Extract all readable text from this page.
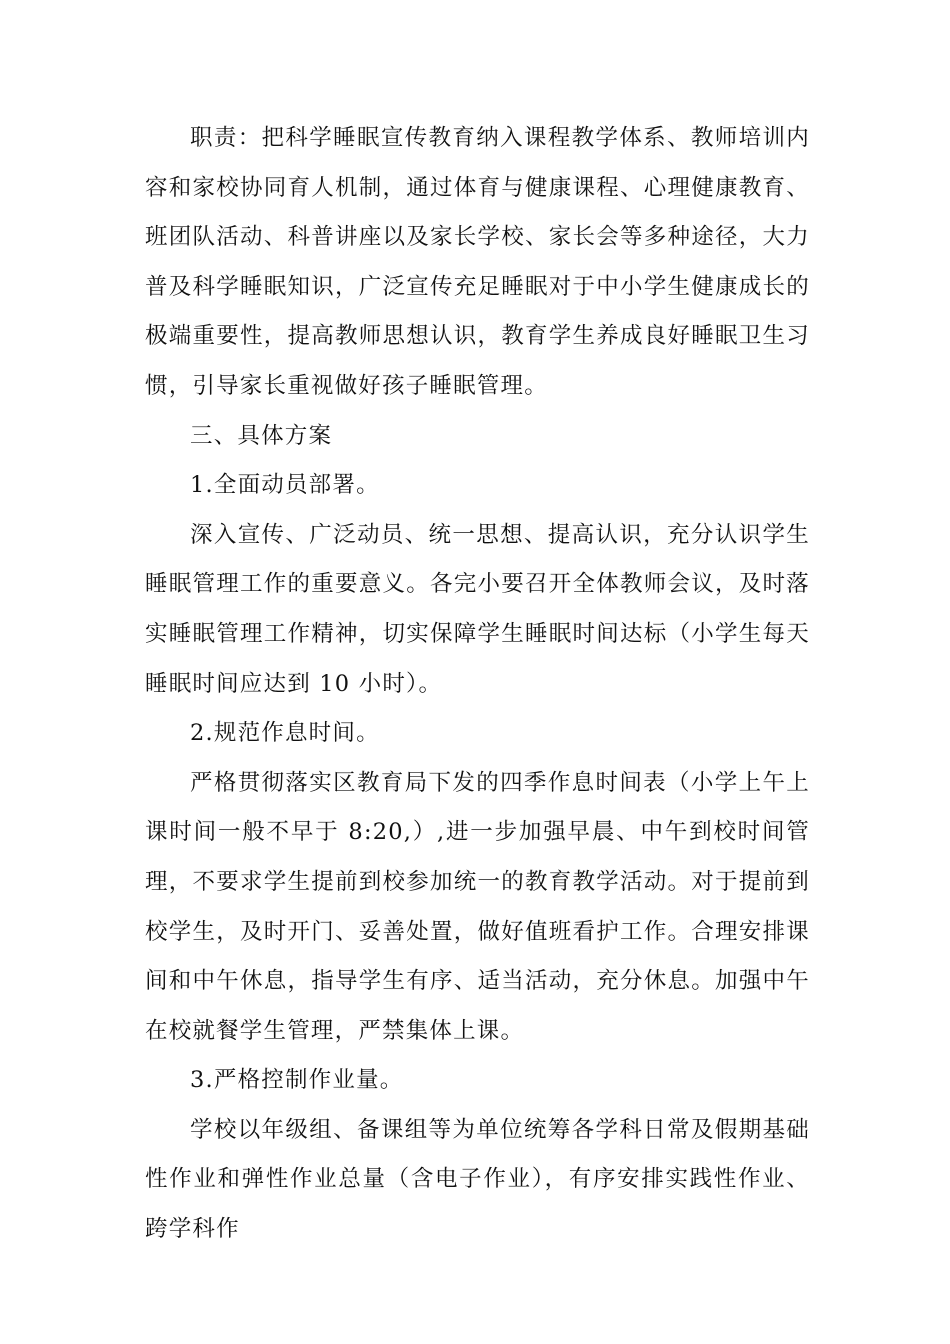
职责：把科学睡眠宣传教育纳入课程教学体系、教师培训内容和家校协同育人机制，通过体育与健康课程、心理健康教育、班团队活动、科普讲座以及家长学校、家长会等多种途径，大力普及科学睡眠知识，广泛宣传充足睡眠对于中小学生健康成长的极端重要性，提高教师思想认识，教育学生养成良好睡眠卫生习惯，引导家长重视做好孩子睡眠管理。

三、具体方案

1.全面动员部署。

深入宣传、广泛动员、统一思想、提高认识，充分认识学生睡眠管理工作的重要意义。各完小要召开全体教师会议，及时落实睡眠管理工作精神，切实保障学生睡眠时间达标（小学生每天睡眠时间应达到 10 小时）。

2.规范作息时间。

严格贯彻落实区教育局下发的四季作息时间表（小学上午上课时间一般不早于 8:20,）,进一步加强早晨、中午到校时间管理，不要求学生提前到校参加统一的教育教学活动。对于提前到校学生，及时开门、妥善处置，做好值班看护工作。合理安排课间和中午休息，指导学生有序、适当活动，充分休息。加强中午在校就餐学生管理，严禁集体上课。

3.严格控制作业量。

学校以年级组、备课组等为单位统筹各学科日常及假期基础性作业和弹性作业总量（含电子作业），有序安排实践性作业、跨学科作
